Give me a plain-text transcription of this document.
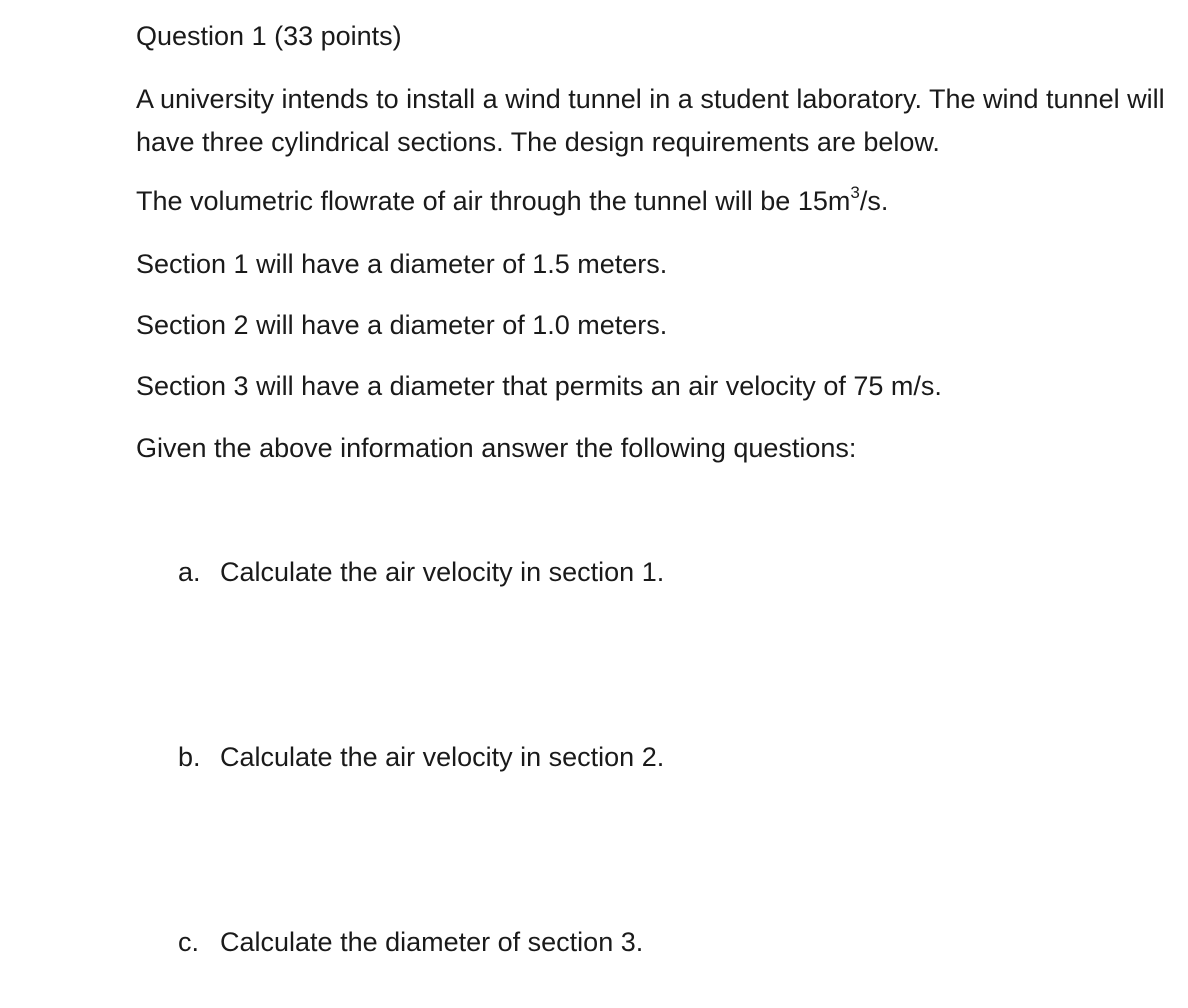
Question 1 (33 points)
A university intends to install a wind tunnel in a student laboratory. The wind tunnel will have three cylindrical sections. The design requirements are below.
The volumetric flowrate of air through the tunnel will be $15m^3/s$.
Section 1 will have a diameter of 1.5 meters.
Section 2 will have a diameter of 1.0 meters.
Section 3 will have a diameter that permits an air velocity of 75 m/s.
Given the above information answer the following questions:
a. Calculate the air velocity in section 1.
b. Calculate the air velocity in section 2.
c. Calculate the diameter of section 3.
